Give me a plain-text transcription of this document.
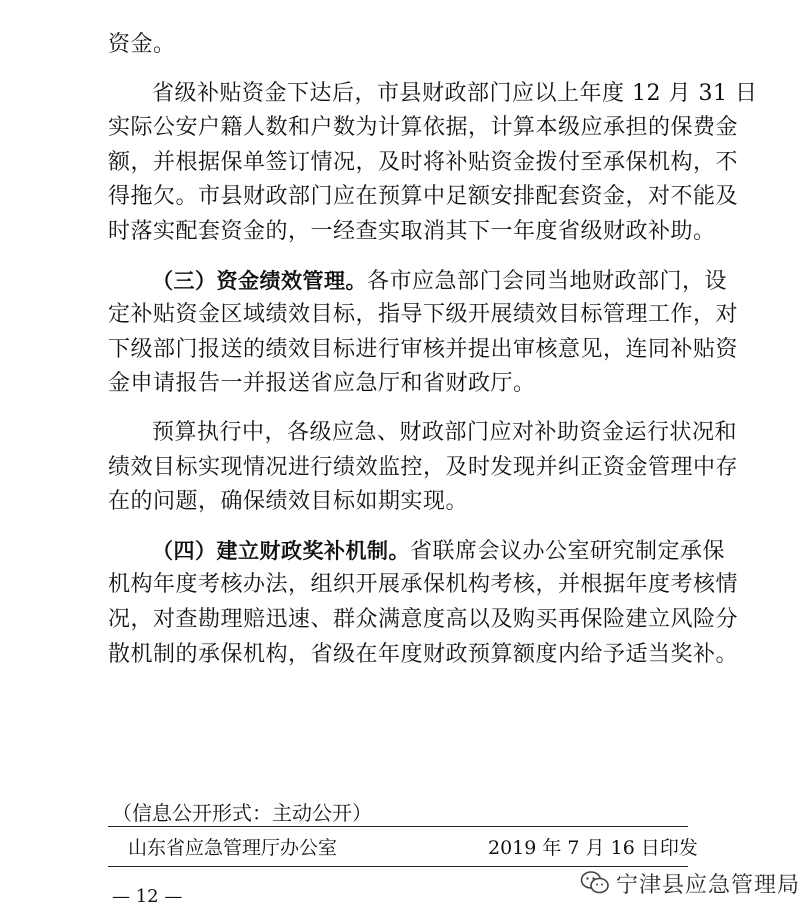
资金。
省级补贴资金下达后，市县财政部门应以上年度 12 月 31 日
实际公安户籍人数和户数为计算依据，计算本级应承担的保费金
额，并根据保单签订情况，及时将补贴资金拨付至承保机构，不
得拖欠。市县财政部门应在预算中足额安排配套资金，对不能及
时落实配套资金的，一经查实取消其下一年度省级财政补助。
（三）资金绩效管理。各市应急部门会同当地财政部门，设
定补贴资金区域绩效目标，指导下级开展绩效目标管理工作，对
下级部门报送的绩效目标进行审核并提出审核意见，连同补贴资
金申请报告一并报送省应急厅和省财政厅。
预算执行中，各级应急、财政部门应对补助资金运行状况和
绩效目标实现情况进行绩效监控，及时发现并纠正资金管理中存
在的问题，确保绩效目标如期实现。
（四）建立财政奖补机制。省联席会议办公室研究制定承保
机构年度考核办法，组织开展承保机构考核，并根据年度考核情
况，对查勘理赔迅速、群众满意度高以及购买再保险建立风险分
散机制的承保机构，省级在年度财政预算额度内给予适当奖补。
（信息公开形式：主动公开）
山东省应急管理厅办公室	2019 年 7 月 16 日印发
— 12 —	宁津县应急管理局
